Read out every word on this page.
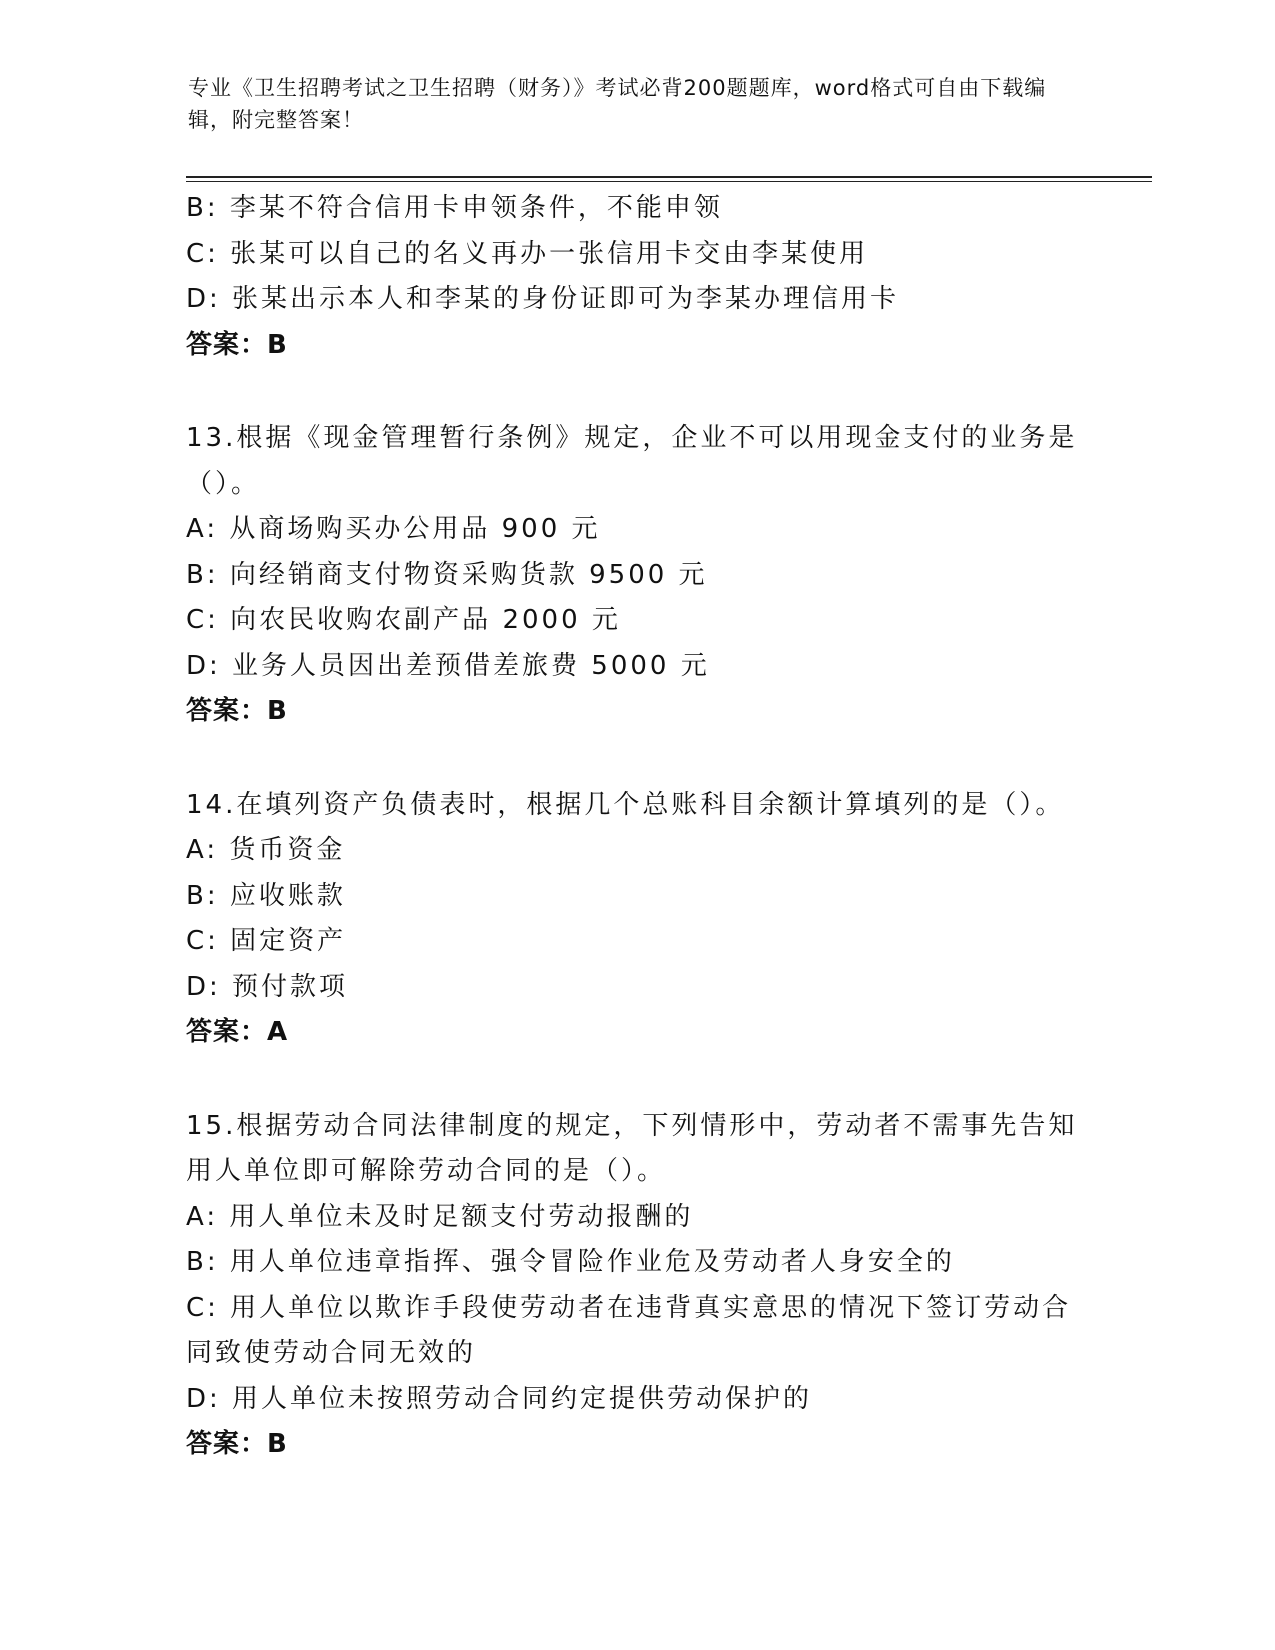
专业《卫生招聘考试之卫生招聘（财务）》考试必背200题题库，word格式可自由下载编辑，附完整答案！
B: 李某不符合信用卡申领条件，不能申领
C: 张某可以自己的名义再办一张信用卡交由李某使用
D: 张某出示本人和李某的身份证即可为李某办理信用卡
答案：B
13.根据《现金管理暂行条例》规定，企业不可以用现金支付的业务是
（）。
A: 从商场购买办公用品 900 元
B: 向经销商支付物资采购货款 9500 元
C: 向农民收购农副产品 2000 元
D: 业务人员因出差预借差旅费 5000 元
答案：B
14.在填列资产负债表时，根据几个总账科目余额计算填列的是（）。
A: 货币资金
B: 应收账款
C: 固定资产
D: 预付款项
答案：A
15.根据劳动合同法律制度的规定，下列情形中，劳动者不需事先告知
用人单位即可解除劳动合同的是（）。
A: 用人单位未及时足额支付劳动报酬的
B: 用人单位违章指挥、强令冒险作业危及劳动者人身安全的
C: 用人单位以欺诈手段使劳动者在违背真实意思的情况下签订劳动合
同致使劳动合同无效的
D: 用人单位未按照劳动合同约定提供劳动保护的
答案：B
